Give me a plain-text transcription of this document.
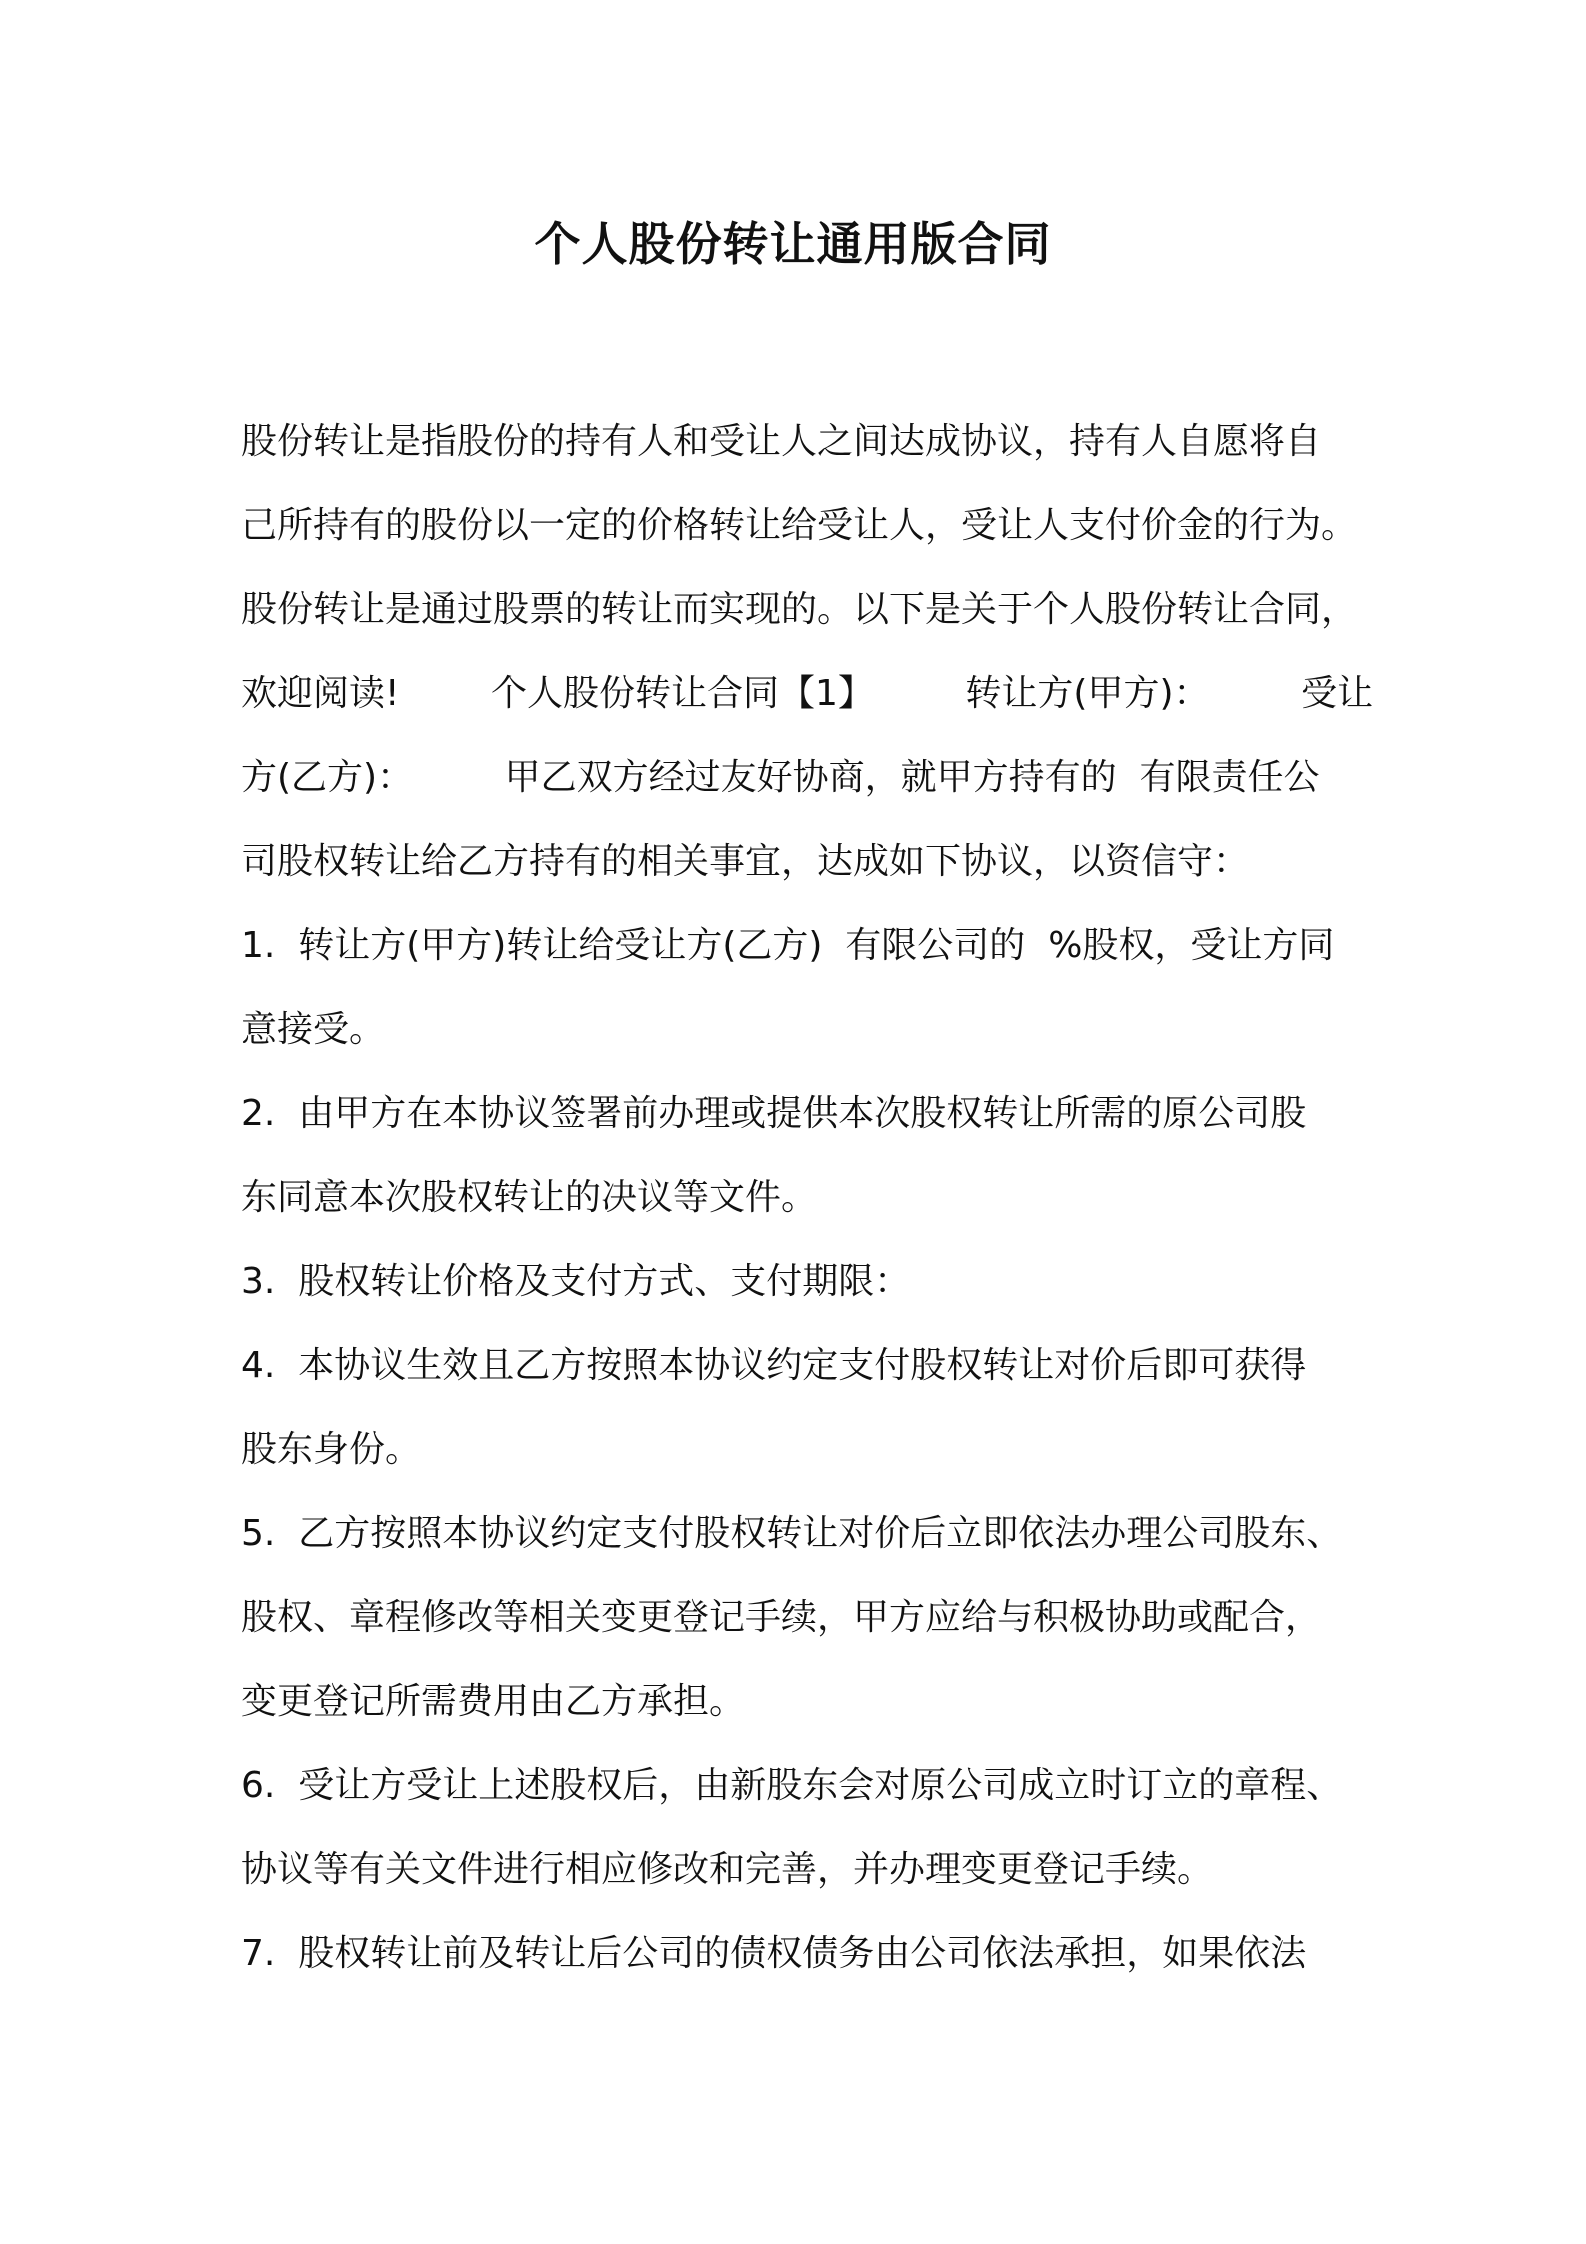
个人股份转让通用版合同
股份转让是指股份的持有人和受让人之间达成协议，持有人自愿将自
己所持有的股份以一定的价格转让给受让人，受让人支付价金的行为。
股份转让是通过股票的转让而实现的。以下是关于个人股份转让合同，
欢迎阅读!        个人股份转让合同【1】        转让方(甲方)：        受让
方(乙方)：        甲乙双方经过友好协商，就甲方持有的  有限责任公
司股权转让给乙方持有的相关事宜，达成如下协议，以资信守：
1.  转让方(甲方)转让给受让方(乙方)  有限公司的  %股权，受让方同
意接受。
2.  由甲方在本协议签署前办理或提供本次股权转让所需的原公司股
东同意本次股权转让的决议等文件。
3.  股权转让价格及支付方式、支付期限：
4.  本协议生效且乙方按照本协议约定支付股权转让对价后即可获得
股东身份。
5.  乙方按照本协议约定支付股权转让对价后立即依法办理公司股东、
股权、章程修改等相关变更登记手续，甲方应给与积极协助或配合，
变更登记所需费用由乙方承担。
6.  受让方受让上述股权后，由新股东会对原公司成立时订立的章程、
协议等有关文件进行相应修改和完善，并办理变更登记手续。
7.  股权转让前及转让后公司的债权债务由公司依法承担，如果依法
